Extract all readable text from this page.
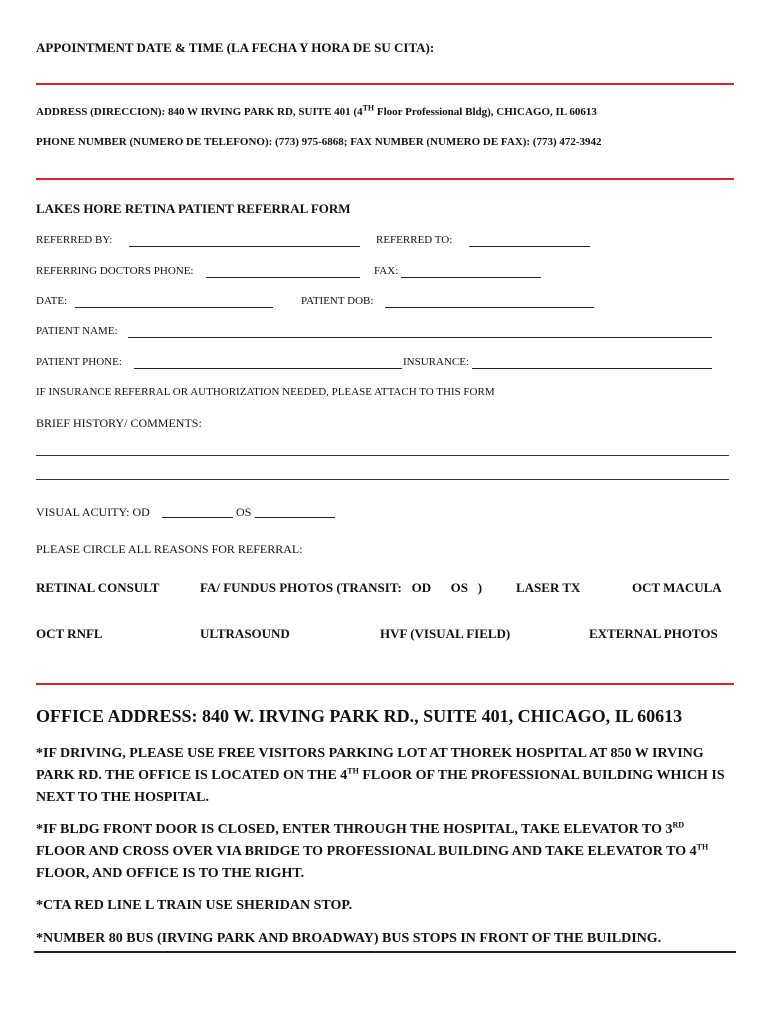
APPOINTMENT DATE & TIME (LA FECHA Y HORA DE SU CITA):
ADDRESS (DIRECCION): 840 W IRVING PARK RD, SUITE 401 (4TH Floor Professional Bldg), CHICAGO, IL 60613
PHONE NUMBER (NUMERO DE TELEFONO): (773) 975-6868; FAX NUMBER (NUMERO DE FAX): (773) 472-3942
LAKES HORE RETINA PATIENT REFERRAL FORM
REFERRED BY:	REFERRED TO:
REFERRING DOCTORS PHONE:	FAX:
DATE:	PATIENT DOB:
PATIENT NAME:
PATIENT PHONE:	INSURANCE:
IF INSURANCE REFERRAL OR AUTHORIZATION NEEDED, PLEASE ATTACH TO THIS FORM
BRIEF HISTORY/ COMMENTS:
VISUAL ACUITY: OD	OS
PLEASE CIRCLE ALL REASONS FOR REFERRAL:
RETINAL CONSULT	FA/ FUNDUS PHOTOS (TRANSIT:   OD      OS   )	LASER TX	OCT MACULA
OCT RNFL	ULTRASOUND	HVF (VISUAL FIELD)	EXTERNAL PHOTOS
OFFICE ADDRESS: 840 W. IRVING PARK RD., SUITE 401, CHICAGO, IL 60613
*IF DRIVING, PLEASE USE FREE VISITORS PARKING LOT AT THOREK HOSPITAL AT 850 W IRVING PARK RD. THE OFFICE IS LOCATED ON THE 4TH FLOOR OF THE PROFESSIONAL BUILDING WHICH IS NEXT TO THE HOSPITAL.
*IF BLDG FRONT DOOR IS CLOSED, ENTER THROUGH THE HOSPITAL, TAKE ELEVATOR TO 3RD FLOOR AND CROSS OVER VIA BRIDGE TO PROFESSIONAL BUILDING AND TAKE ELEVATOR TO 4TH FLOOR, AND OFFICE IS TO THE RIGHT.
*CTA RED LINE L TRAIN USE SHERIDAN STOP.
*NUMBER 80 BUS (IRVING PARK AND BROADWAY) BUS STOPS IN FRONT OF THE BUILDING.
